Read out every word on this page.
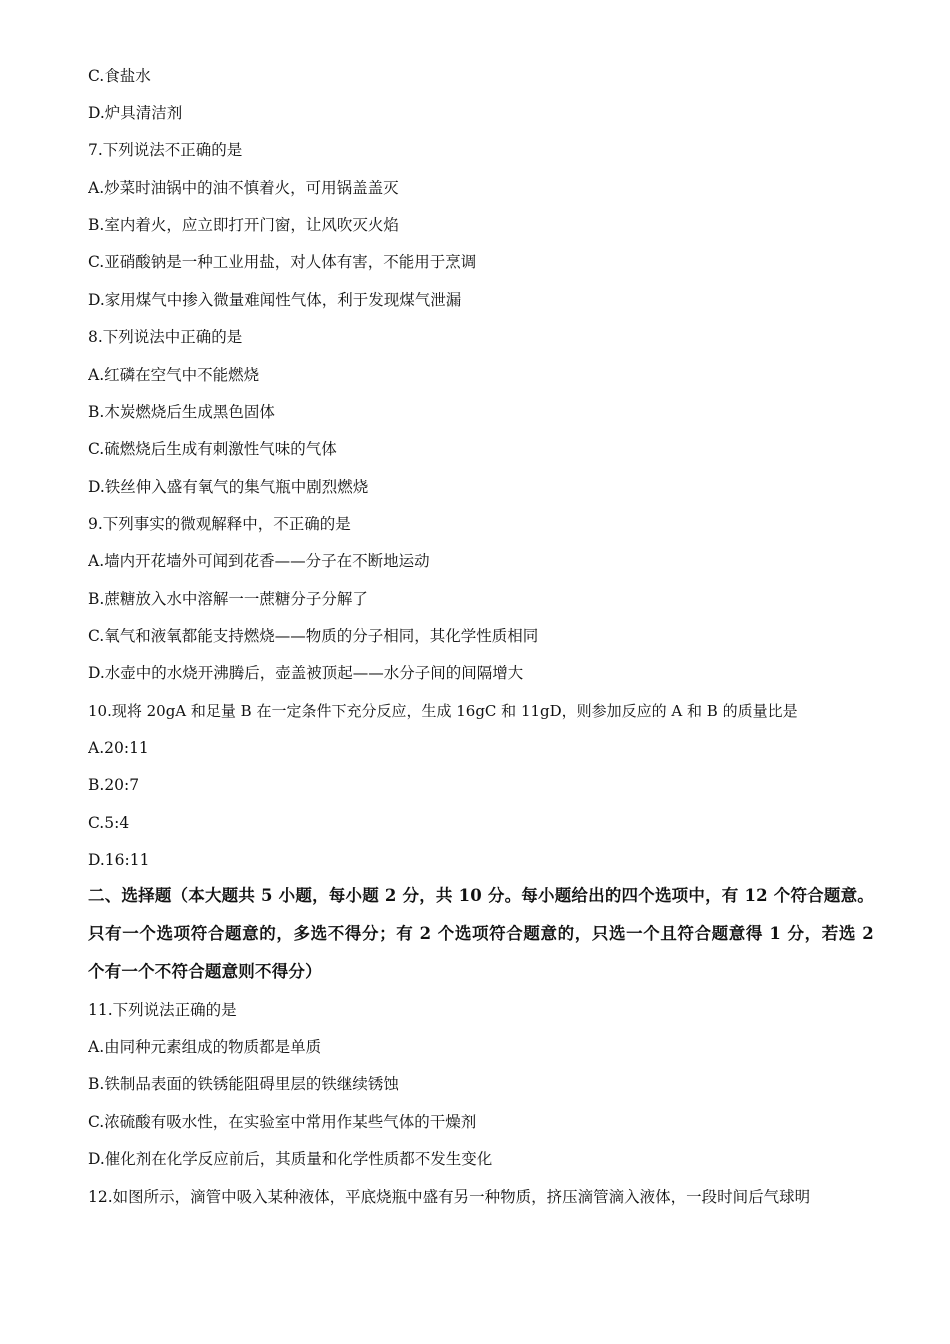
C.食盐水
D.炉具清洁剂
7.下列说法不正确的是
A.炒菜时油锅中的油不慎着火，可用锅盖盖灭
B.室内着火，应立即打开门窗，让风吹灭火焰
C.亚硝酸钠是一种工业用盐，对人体有害，不能用于烹调
D.家用煤气中掺入微量难闻性气体，利于发现煤气泄漏
8.下列说法中正确的是
A.红磷在空气中不能燃烧
B.木炭燃烧后生成黑色固体
C.硫燃烧后生成有刺激性气味的气体
D.铁丝伸入盛有氧气的集气瓶中剧烈燃烧
9.下列事实的微观解释中，不正确的是
A.墙内开花墙外可闻到花香——分子在不断地运动
B.蔗糖放入水中溶解一一蔗糖分子分解了
C.氧气和液氧都能支持燃烧——物质的分子相同，其化学性质相同
D.水壶中的水烧开沸腾后，壶盖被顶起——水分子间的间隔增大
10.现将 20gA 和足量 B 在一定条件下充分反应，生成 16gC 和 11gD，则参加反应的 A 和 B 的质量比是
A.20:11
B.20:7
C.5:4
D.16:11
二、选择题（本大题共 5 小题，每小题 2 分，共 10 分。每小题给出的四个选项中，有 12 个符合题意。只有一个选项符合题意的，多选不得分；有 2 个选项符合题意的，只选一个且符合题意得 1 分，若选 2 个有一个不符合题意则不得分）
11.下列说法正确的是
A.由同种元素组成的物质都是单质
B.铁制品表面的铁锈能阻碍里层的铁继续锈蚀
C.浓硫酸有吸水性，在实验室中常用作某些气体的干燥剂
D.催化剂在化学反应前后，其质量和化学性质都不发生变化
12.如图所示，滴管中吸入某种液体，平底烧瓶中盛有另一种物质，挤压滴管滴入液体，一段时间后气球明
